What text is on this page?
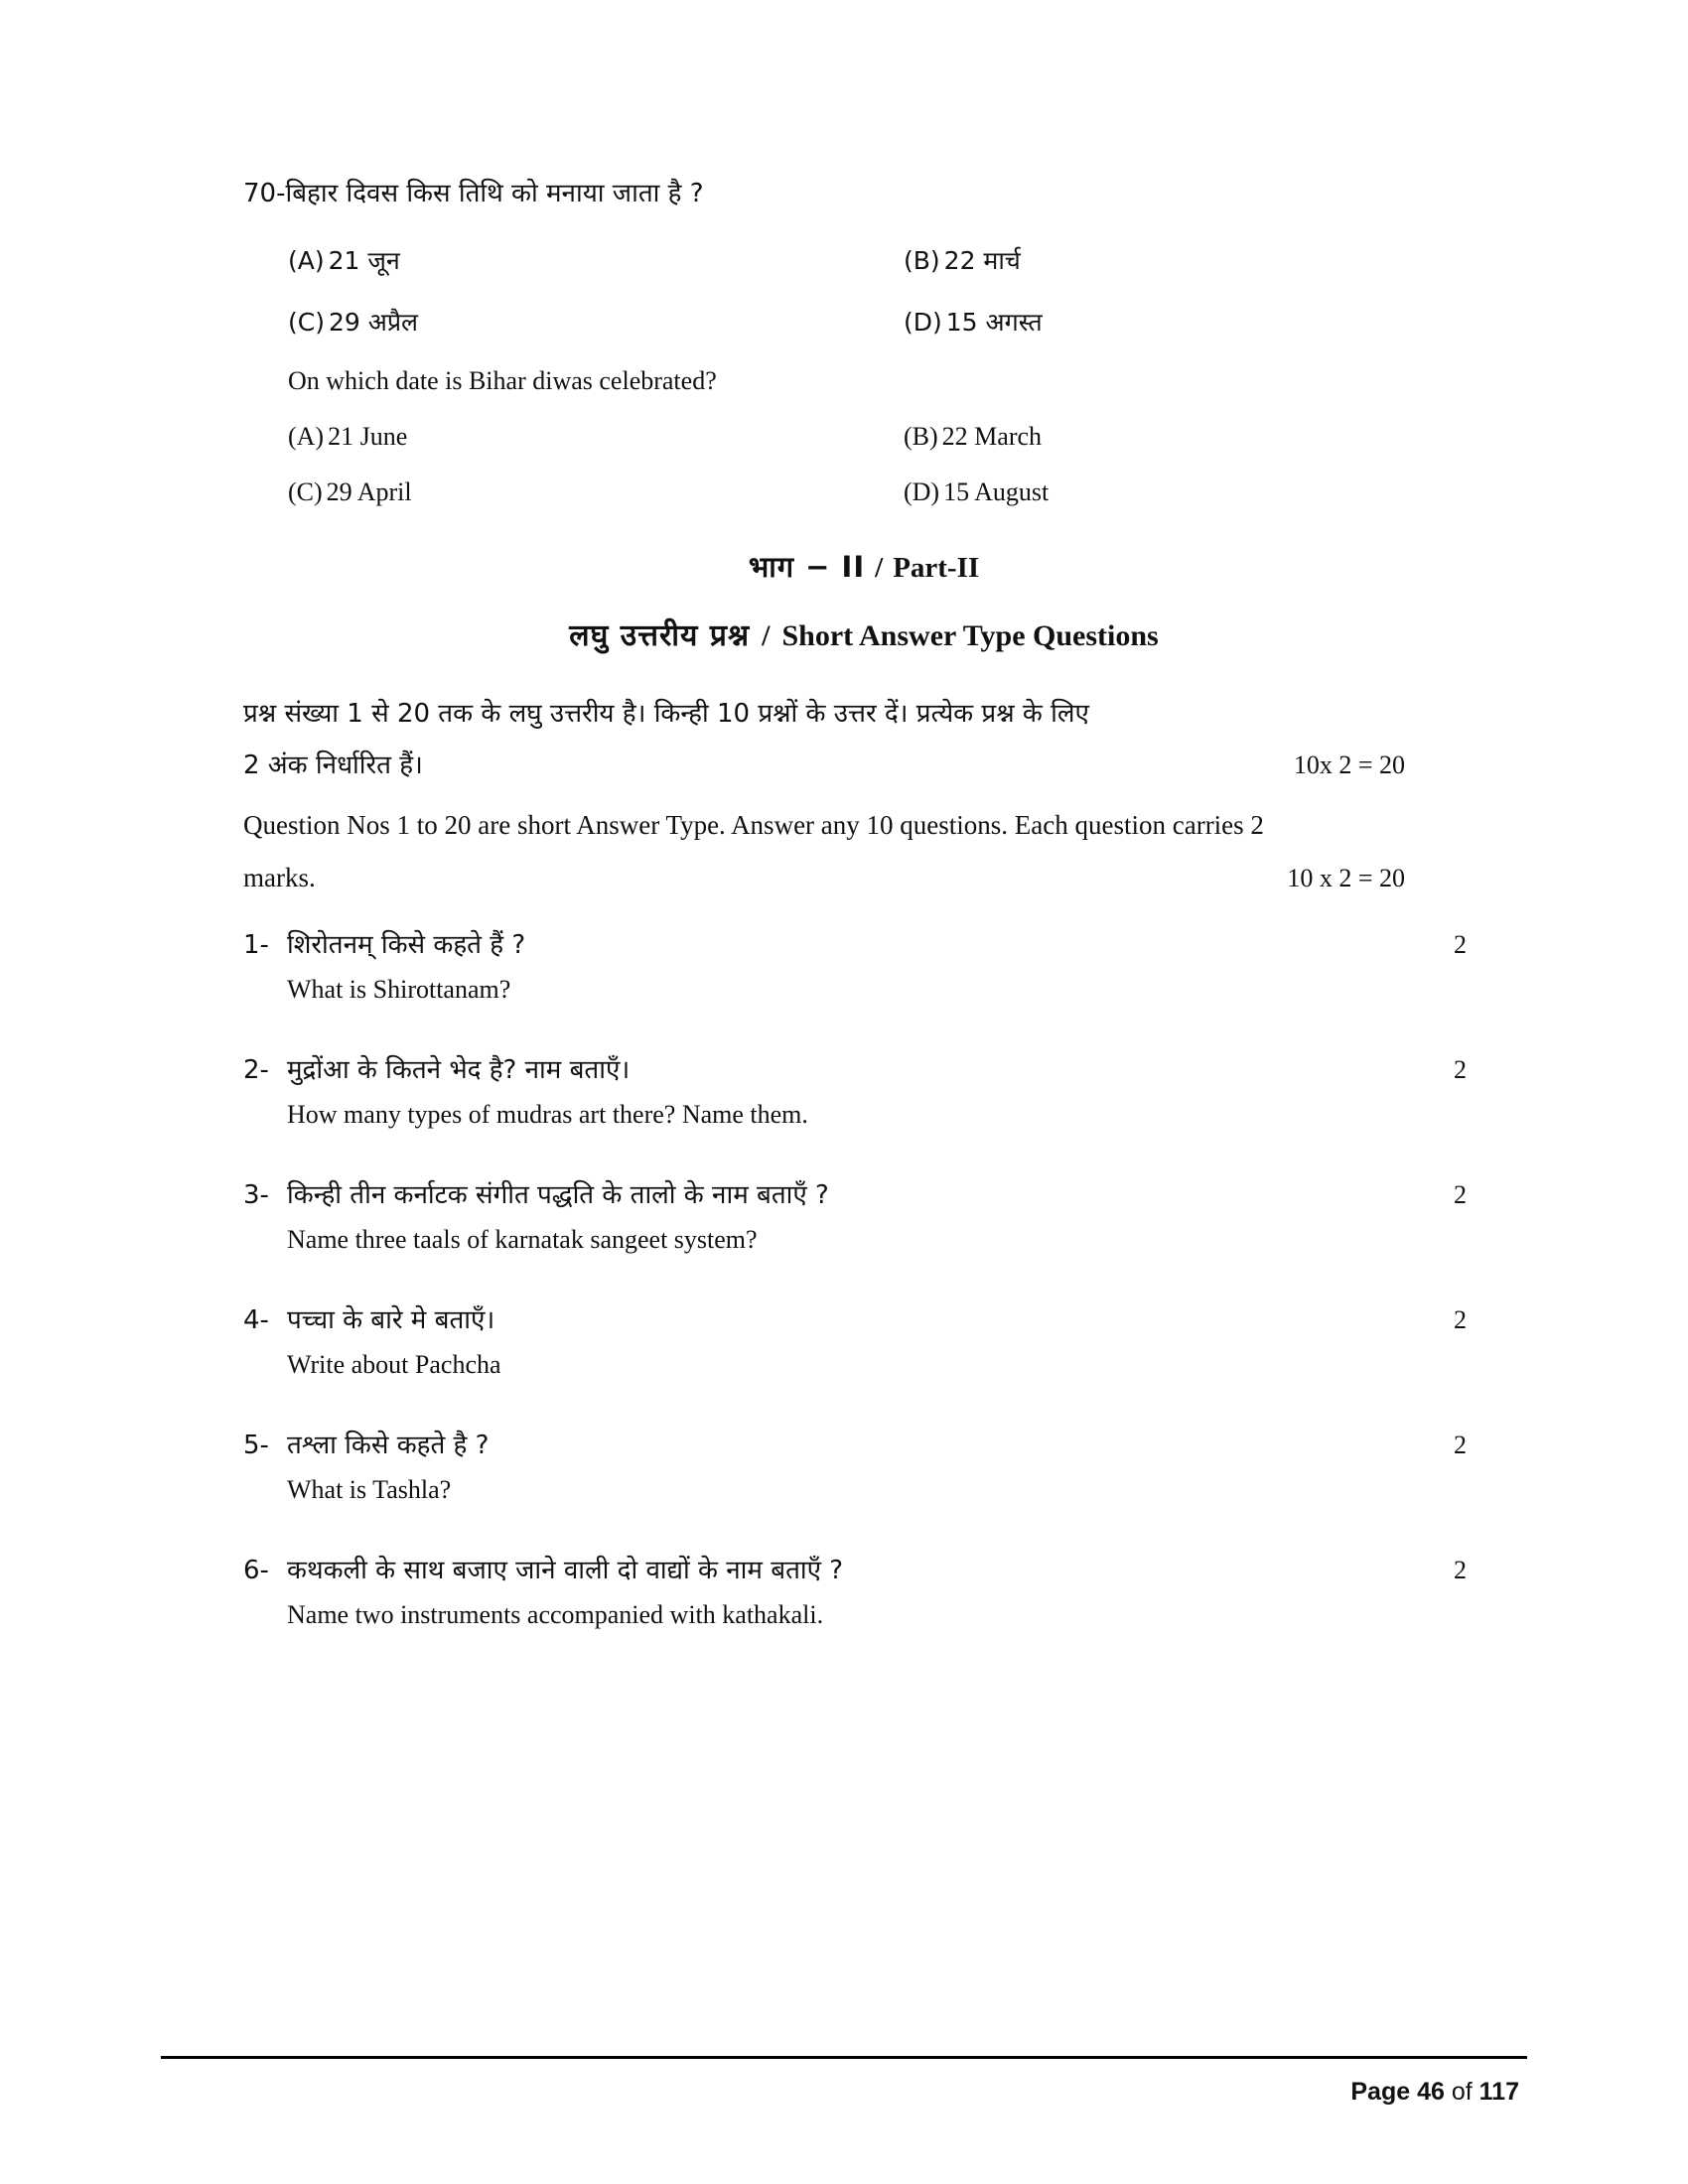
70-बिहार दिवस किस तिथि को मनाया जाता है ?
(A) 21 जून	(B) 22 मार्च
(C) 29 अप्रैल	(D) 15 अगस्त
On which date is Bihar diwas celebrated?
(A) 21 June	(B) 22 March
(C) 29 April	(D) 15 August
भाग − II / Part-II
लघु उत्तरीय प्रश्न / Short Answer Type Questions
प्रश्न संख्या 1 से 20 तक के लघु उत्तरीय है। किन्ही 10 प्रश्नों के उत्तर दें। प्रत्येक प्रश्न के लिए
2 अंक निर्धारित हैं।	10x 2 = 20
Question Nos 1 to 20 are short Answer Type. Answer any 10 questions. Each question carries 2
marks.	10 x 2 = 20
1- शिरोतनम् किसे कहते हैं ?	2
What is Shirottanam?
2- मुद्रोंआ के कितने भेद है? नाम बताएँ।	2
How many types of mudras art there? Name them.
3- किन्ही तीन कर्नाटक संगीत पद्धति के तालो के नाम बताएँ ?	2
Name three taals of karnatak sangeet system?
4- पच्चा के बारे मे बताएँ।	2
Write about Pachcha
5- तश्ला किसे कहते है ?	2
What is Tashla?
6- कथकली के साथ बजाए जाने वाली दो वाद्यों के नाम बताएँ ?	2
Name two instruments accompanied with kathakali.
Page 46 of 117
